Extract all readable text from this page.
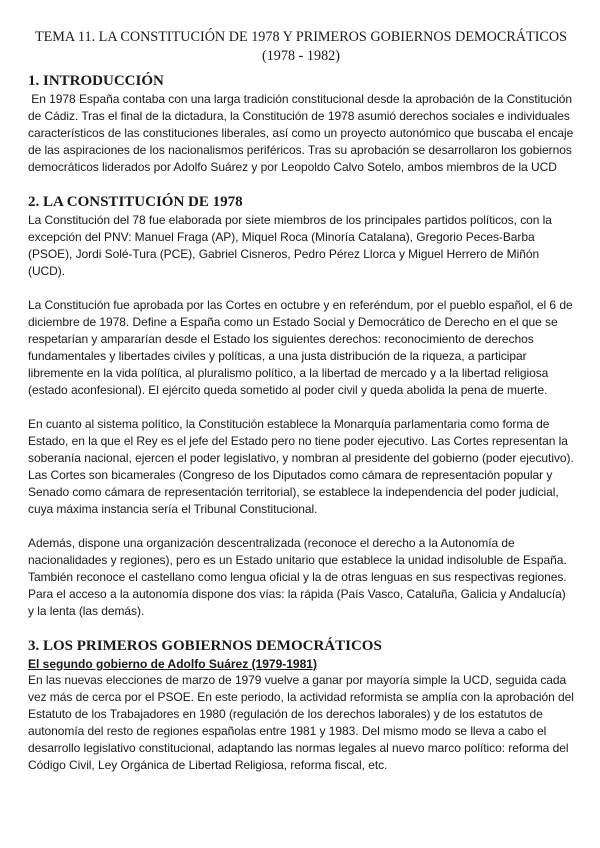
TEMA 11. LA CONSTITUCIÓN DE 1978 Y PRIMEROS GOBIERNOS DEMOCRÁTICOS
(1978 - 1982)
1. INTRODUCCIÓN

En 1978 España contaba con una larga tradición constitucional desde la aprobación de la Constitución de Cádiz. Tras el final de la dictadura, la Constitución de 1978 asumió derechos sociales e individuales característicos de las constituciones liberales, así como un proyecto autonómico que buscaba el encaje de las aspiraciones de los nacionalismos periféricos. Tras su aprobación se desarrollaron los gobiernos democráticos liderados por Adolfo Suárez y por Leopoldo Calvo Sotelo, ambos miembros de la UCD

2. LA CONSTITUCIÓN DE 1978

La Constitución del 78 fue elaborada por siete miembros de los principales partidos políticos, con la excepción del PNV: Manuel Fraga (AP), Miquel Roca (Minoría Catalana), Gregorio Peces-Barba (PSOE), Jordi Solé-Tura (PCE), Gabriel Cisneros, Pedro Pérez Llorca y Miguel Herrero de Miñón (UCD).

La Constitución fue aprobada por las Cortes en octubre y en referéndum, por el pueblo español, el 6 de diciembre de 1978. Define a España como un Estado Social y Democrático de Derecho en el que se respetarían y ampararían desde el Estado los siguientes derechos: reconocimiento de derechos fundamentales y libertades civiles y políticas, a una justa distribución de la riqueza, a participar libremente en la vida política, al pluralismo político, a la libertad de mercado y a la libertad religiosa (estado aconfesional). El ejército queda sometido al poder civil y queda abolida la pena de muerte.

En cuanto al sistema político, la Constitución establece la Monarquía parlamentaria como forma de Estado, en la que el Rey es el jefe del Estado pero no tiene poder ejecutivo. Las Cortes representan la soberanía nacional, ejercen el poder legislativo, y nombran al presidente del gobierno (poder ejecutivo). Las Cortes son bicamerales (Congreso de los Diputados como cámara de representación popular y Senado como cámara de representación territorial), se establece la independencia del poder judicial, cuya máxima instancia sería el Tribunal Constitucional.

Además, dispone una organización descentralizada (reconoce el derecho a la Autonomía de nacionalidades y regiones), pero es un Estado unitario que establece la unidad indisoluble de España. También reconoce el castellano como lengua oficial y la de otras lenguas en sus respectivas regiones. Para el acceso a la autonomía dispone dos vías: la rápida (País Vasco, Cataluña, Galicia y Andalucía) y la lenta (las demás).

3. LOS PRIMEROS GOBIERNOS DEMOCRÁTICOS
El segundo gobierno de Adolfo Suárez (1979-1981)

En las nuevas elecciones de marzo de 1979 vuelve a ganar por mayoría simple la UCD, seguida cada vez más de cerca por el PSOE. En este periodo, la actividad reformista se amplía con la aprobación del Estatuto de los Trabajadores en 1980 (regulación de los derechos laborales) y de los estatutos de autonomía del resto de regiones españolas entre 1981 y 1983. Del mismo modo se lleva a cabo el desarrollo legislativo constitucional, adaptando las normas legales al nuevo marco político: reforma del Código Civil, Ley Orgánica de Libertad Religiosa, reforma fiscal, etc.
